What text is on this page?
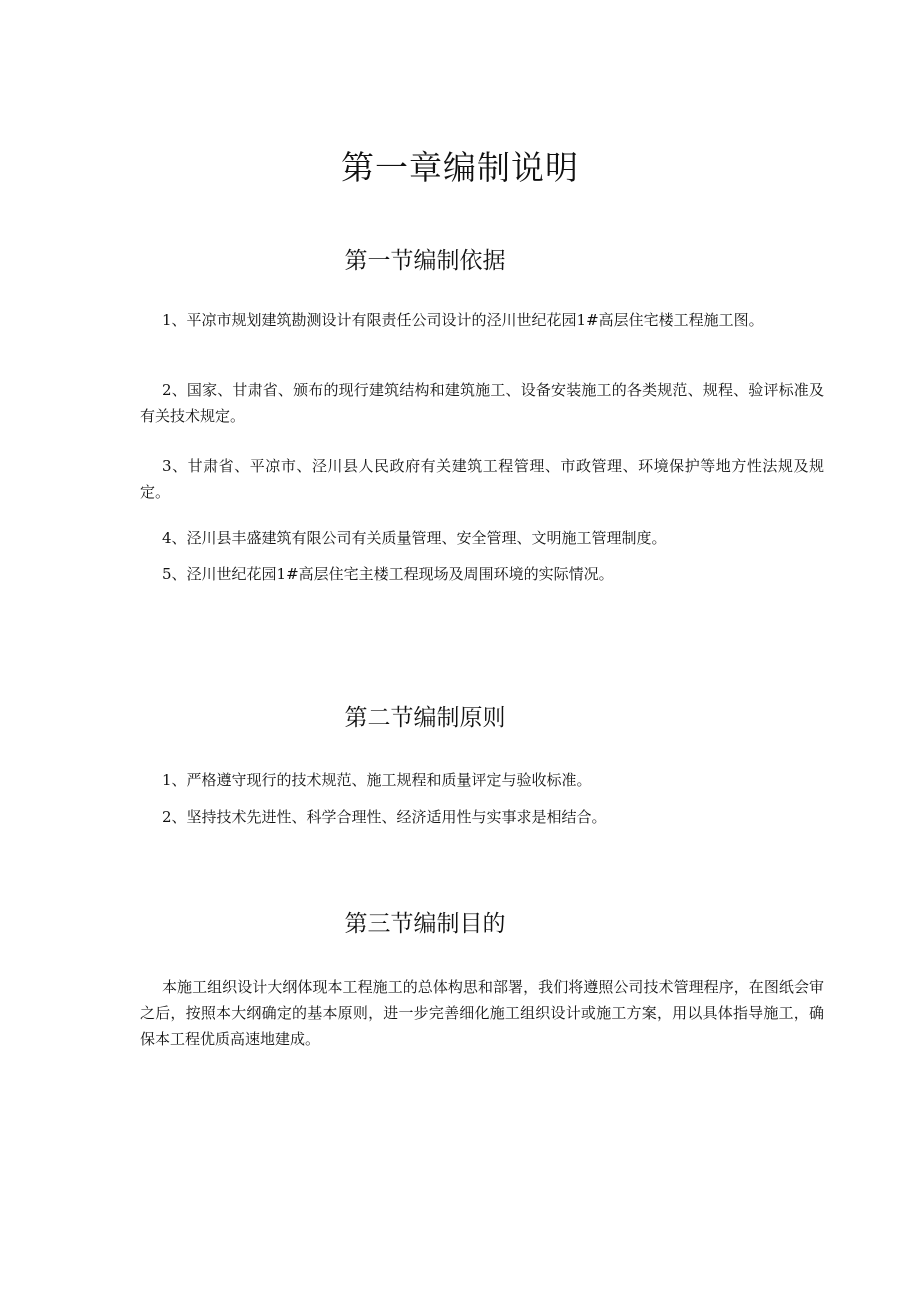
第一章编制说明
第一节编制依据

1、平凉市规划建筑勘测设计有限责任公司设计的泾川世纪花园1#高层住宅楼工程施工图。

2、国家、甘肃省、颁布的现行建筑结构和建筑施工、设备安装施工的各类规范、规程、验评标准及有关技术规定。

3、甘肃省、平凉市、泾川县人民政府有关建筑工程管理、市政管理、环境保护等地方性法规及规定。

4、泾川县丰盛建筑有限公司有关质量管理、安全管理、文明施工管理制度。

5、泾川世纪花园1#高层住宅主楼工程现场及周围环境的实际情况。

第二节编制原则

1、严格遵守现行的技术规范、施工规程和质量评定与验收标准。

2、坚持技术先进性、科学合理性、经济适用性与实事求是相结合。

第三节编制目的

本施工组织设计大纲体现本工程施工的总体构思和部署，我们将遵照公司技术管理程序，在图纸会审之后，按照本大纲确定的基本原则，进一步完善细化施工组织设计或施工方案，用以具体指导施工，确保本工程优质高速地建成。
